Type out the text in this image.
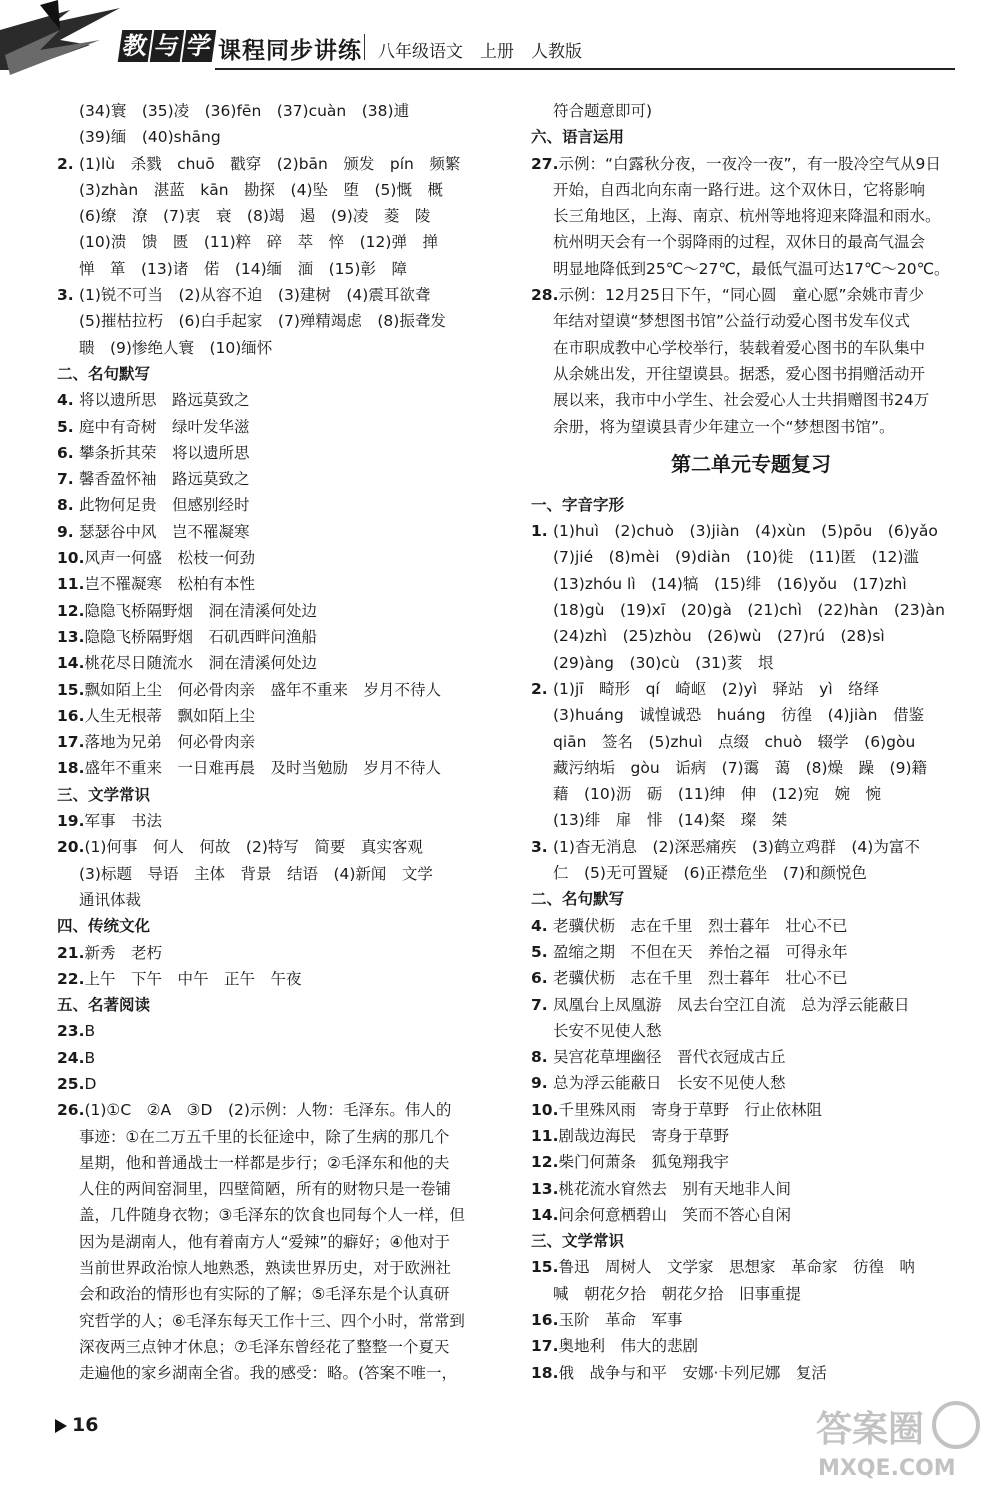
教 与 学 课程同步讲练 八年级语文　上册　人教版
(34)寰　(35)凌　(36)fēn　(37)cuàn　(38)逋
(39)缅　(40)shāng
2. (1)lù　杀戮　chuō　戳穿　(2)bān　颁发　pín　频繁
(3)zhàn　湛蓝　kān　勘探　(4)坠　堕　(5)慨　概
(6)缭　潦　(7)衷　衰　(8)竭　遏　(9)凌　菱　陵
(10)溃　馈　匮　(11)粹　碎　萃　悴　(12)弹　掸
惮　箪　(13)诸　偌　(14)缅　湎　(15)彰　障
3. (1)锐不可当　(2)从容不迫　(3)建树　(4)震耳欲聋
(5)摧枯拉朽　(6)白手起家　(7)殚精竭虑　(8)振聋发
聩　(9)惨绝人寰　(10)缅怀
二、名句默写
4. 将以遗所思　路远莫致之
5. 庭中有奇树　绿叶发华滋
6. 攀条折其荣　将以遗所思
7. 馨香盈怀袖　路远莫致之
8. 此物何足贵　但感别经时
9. 瑟瑟谷中风　岂不罹凝寒
10.风声一何盛　松枝一何劲
11.岂不罹凝寒　松柏有本性
12.隐隐飞桥隔野烟　洞在清溪何处边
13.隐隐飞桥隔野烟　石矶西畔问渔船
14.桃花尽日随流水　洞在清溪何处边
15.飘如陌上尘　何必骨肉亲　盛年不重来　岁月不待人
16.人生无根蒂　飘如陌上尘
17.落地为兄弟　何必骨肉亲
18.盛年不重来　一日难再晨　及时当勉励　岁月不待人
三、文学常识
19.军事　书法
20.(1)何事　何人　何故　(2)特写　简要　真实客观
(3)标题　导语　主体　背景　结语　(4)新闻　文学
通讯体裁
四、传统文化
21.新秀　老朽
22.上午　下午　中午　正午　午夜
五、名著阅读
23.B
24.B
25.D
26.(1)①C　②A　③D　(2)示例：人物：毛泽东。伟人的
事迹：①在二万五千里的长征途中，除了生病的那几个
星期，他和普通战士一样都是步行；②毛泽东和他的夫
人住的两间窑洞里，四壁简陋，所有的财物只是一卷铺
盖，几件随身衣物；③毛泽东的饮食也同每个人一样，但
因为是湖南人，他有着南方人“爱辣”的癖好；④他对于
当前世界政治惊人地熟悉，熟读世界历史，对于欧洲社
会和政治的情形也有实际的了解；⑤毛泽东是个认真研
究哲学的人；⑥毛泽东每天工作十三、四个小时，常常到
深夜两三点钟才休息；⑦毛泽东曾经花了整整一个夏天
走遍他的家乡湖南全省。我的感受：略。(答案不唯一，
符合题意即可)
六、语言运用
27.示例：“白露秋分夜，一夜冷一夜”，有一股冷空气从9日
开始，自西北向东南一路行进。这个双休日，它将影响
长三角地区，上海、南京、杭州等地将迎来降温和雨水。
杭州明天会有一个弱降雨的过程，双休日的最高气温会
明显地降低到25℃～27℃，最低气温可达17℃～20℃。
28.示例：12月25日下午，“同心圆　童心愿”余姚市青少
年结对望谟“梦想图书馆”公益行动爱心图书发车仪式
在市职成教中心学校举行，装载着爱心图书的车队集中
从余姚出发，开往望谟县。据悉，爱心图书捐赠活动开
展以来，我市中小学生、社会爱心人士共捐赠图书24万
余册，将为望谟县青少年建立一个“梦想图书馆”。
第二单元专题复习
一、字音字形
1. (1)huì　(2)chuò　(3)jiàn　(4)xùn　(5)pōu　(6)yǎo
(7)jié　(8)mèi　(9)diàn　(10)徙　(11)匿　(12)滥
(13)zhóu lì　(14)犒　(15)绯　(16)yǒu　(17)zhì
(18)gù　(19)xī　(20)gà　(21)chì　(22)hàn　(23)àn
(24)zhì　(25)zhòu　(26)wù　(27)rú　(28)sì
(29)àng　(30)cù　(31)荄　垠
2. (1)jī　畸形　qí　崎岖　(2)yì　驿站　yì　络绎
(3)huáng　诚惶诚恐　huáng　彷徨　(4)jiàn　借鉴
qiān　签名　(5)zhuì　点缀　chuò　辍学　(6)gòu
藏污纳垢　gòu　诟病　(7)霭　蔼　(8)燥　躁　(9)籍
藉　(10)沥　砺　(11)绅　伸　(12)宛　婉　惋
(13)绯　扉　悱　(14)粲　璨　桀
3. (1)杳无消息　(2)深恶痛疾　(3)鹤立鸡群　(4)为富不
仁　(5)无可置疑　(6)正襟危坐　(7)和颜悦色
二、名句默写
4. 老骥伏枥　志在千里　烈士暮年　壮心不已
5. 盈缩之期　不但在天　养怡之福　可得永年
6. 老骥伏枥　志在千里　烈士暮年　壮心不已
7. 凤凰台上凤凰游　凤去台空江自流　总为浮云能蔽日
长安不见使人愁
8. 吴宫花草埋幽径　晋代衣冠成古丘
9. 总为浮云能蔽日　长安不见使人愁
10.千里殊风雨　寄身于草野　行止依林阻
11.剧哉边海民　寄身于草野
12.柴门何萧条　狐兔翔我宇
13.桃花流水窅然去　别有天地非人间
14.问余何意栖碧山　笑而不答心自闲
三、文学常识
15.鲁迅　周树人　文学家　思想家　革命家　彷徨　呐
喊　朝花夕拾　朝花夕拾　旧事重提
16.玉阶　革命　军事
17.奥地利　伟大的悲剧
18.俄　战争与和平　安娜·卡列尼娜　复活
16	答案圈
MXQE.COM
